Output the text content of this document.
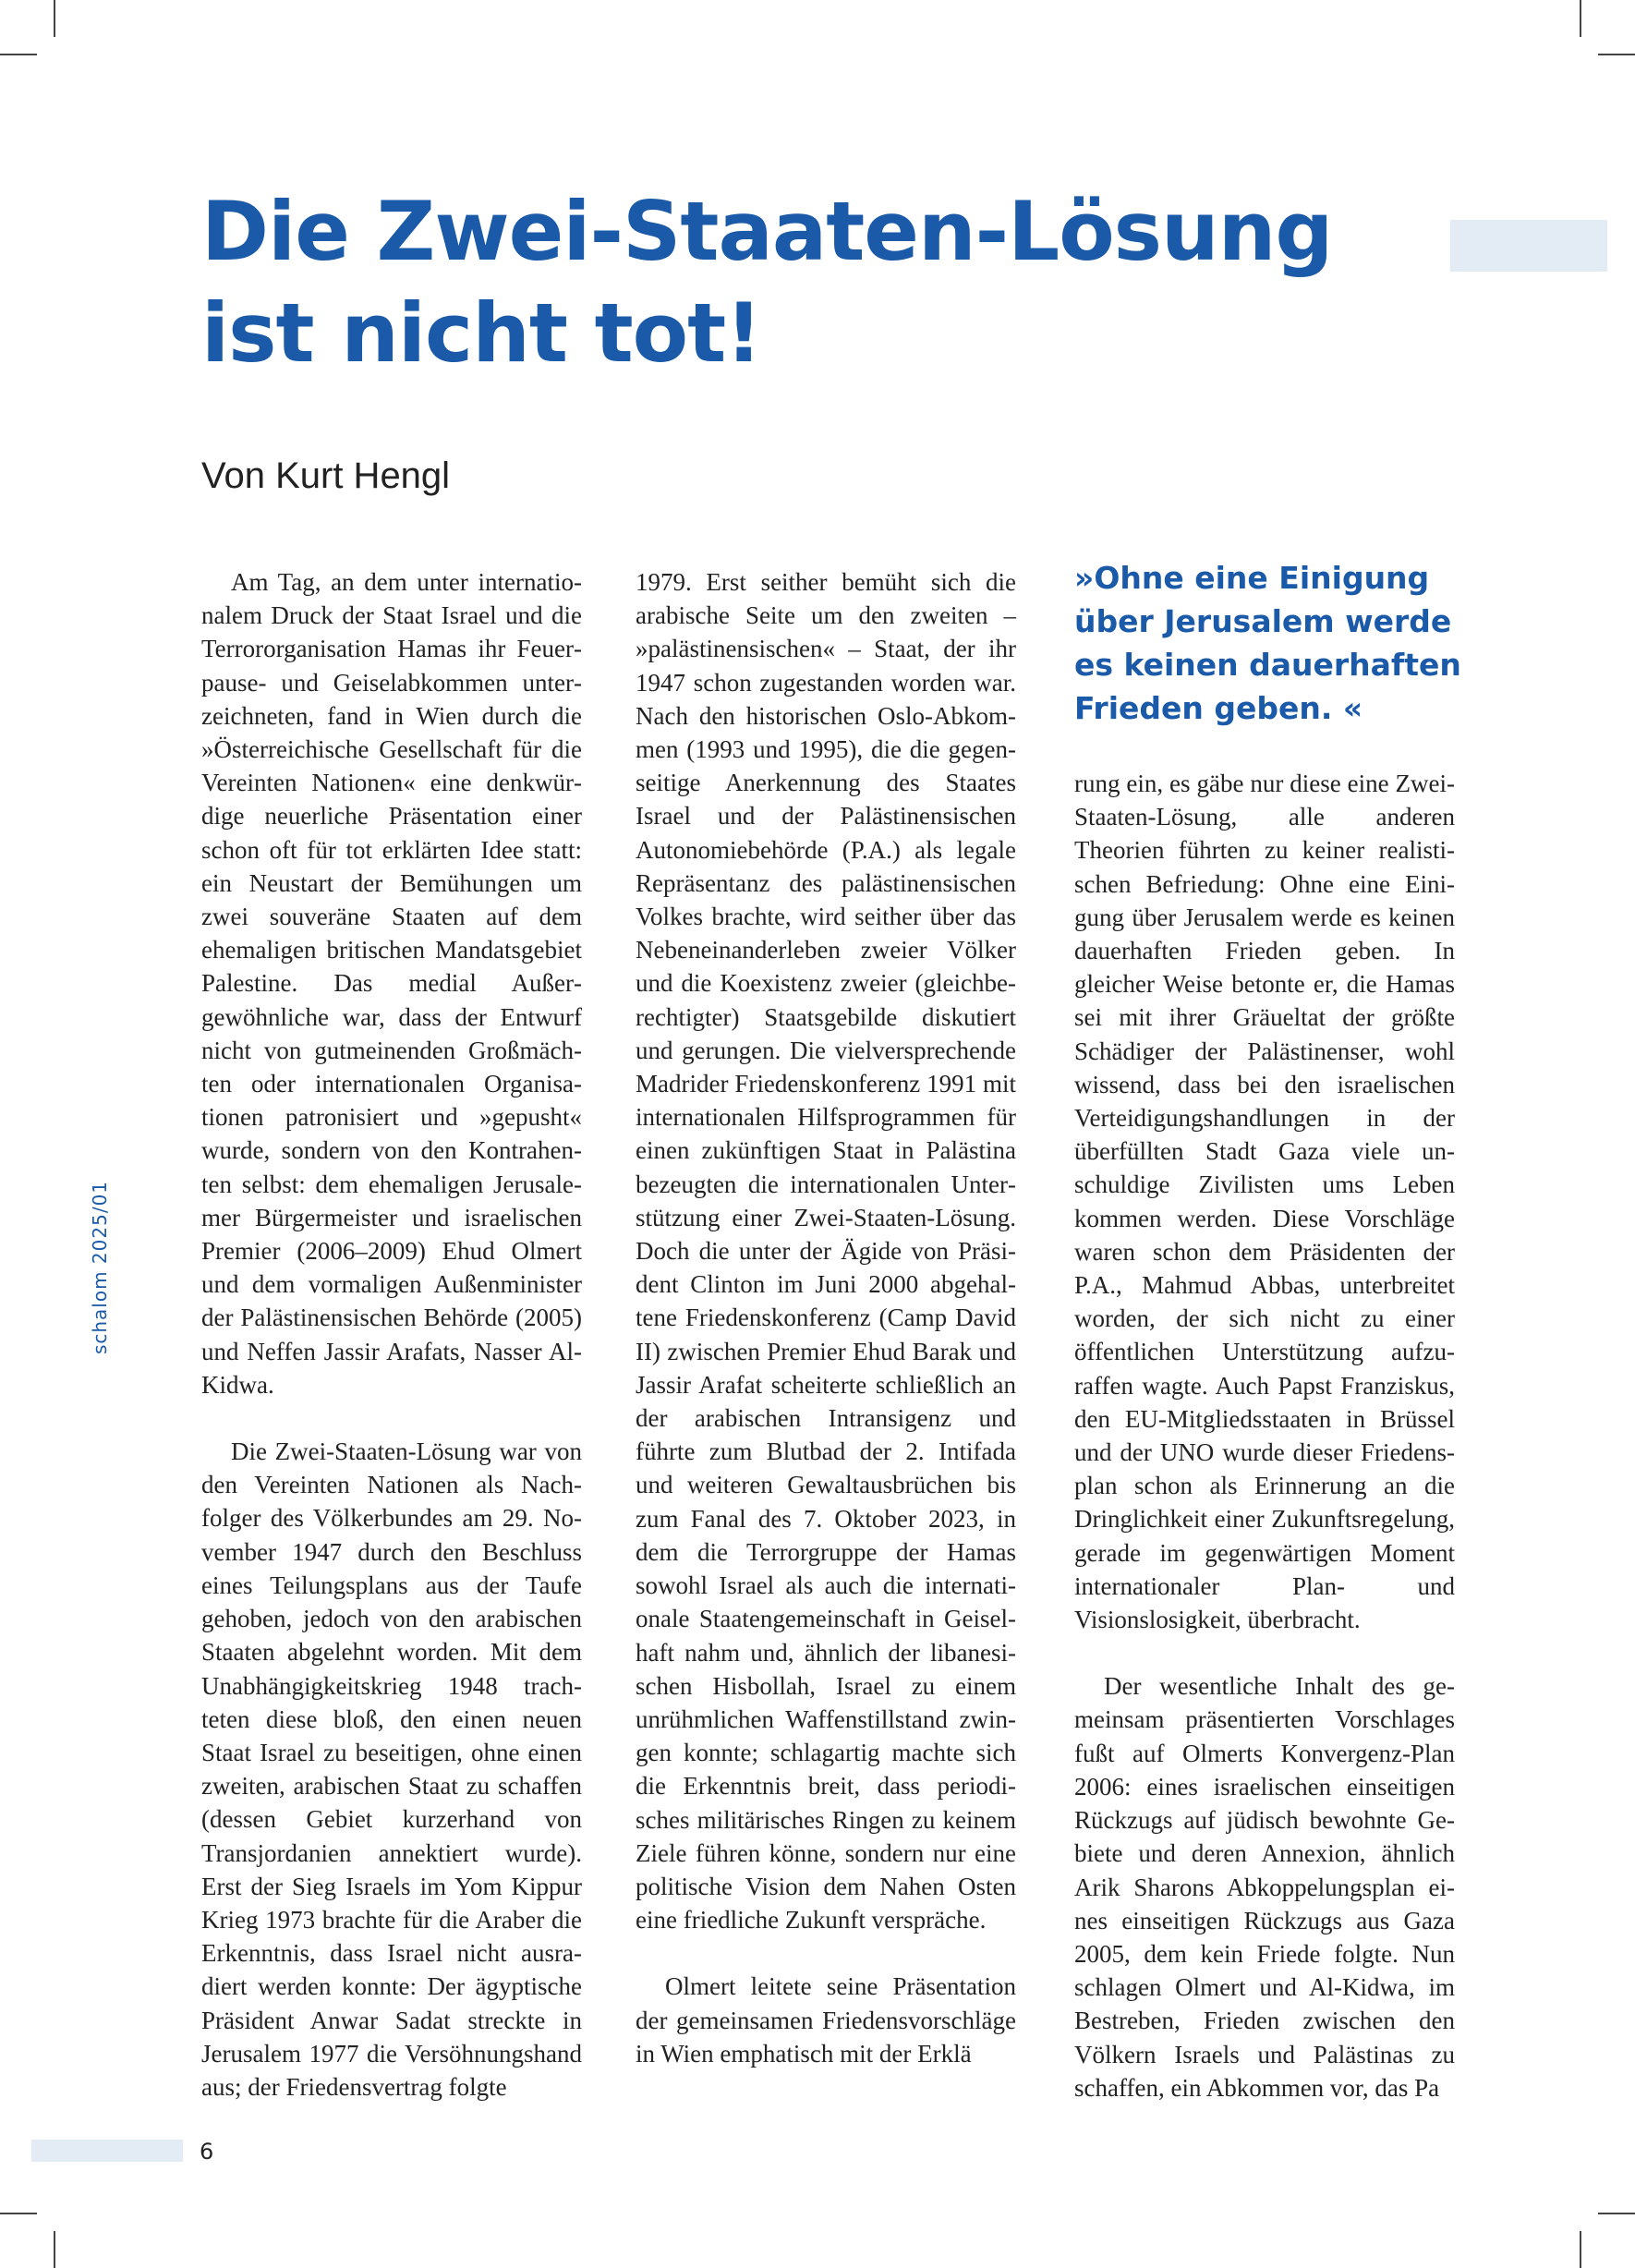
Die Zwei-Staaten-Lösung
ist nicht tot!
Von Kurt Hengl
schalom 2025/01

Am Tag, an dem unter internationalem Druck der Staat Israel und die Terrororganisation Hamas ihr Feuerpause- und Geiselabkommen unterzeichneten, fand in Wien durch die »Österreichische Gesellschaft für die Vereinten Nationen« eine denkwürdige neuerliche Präsentation einer schon oft für tot erklärten Idee statt: ein Neustart der Bemühungen um zwei souveräne Staaten auf dem ehemaligen britischen Mandatsgebiet Palestine. Das medial Außergewöhnliche war, dass der Entwurf nicht von gutmeinenden Großmächten oder internationalen Organisationen patronisiert und »gepusht« wurde, sondern von den Kontrahenten selbst: dem ehemaligen Jerusalemer Bürgermeister und israelischen Premier (2006–2009) Ehud Olmert und dem vormaligen Außenminister der Palästinensischen Behörde (2005) und Neffen Jassir Arafats, Nasser Al-Kidwa.

Die Zwei-Staaten-Lösung war von den Vereinten Nationen als Nachfolger des Völkerbundes am 29. November 1947 durch den Beschluss eines Teilungsplans aus der Taufe gehoben, jedoch von den arabischen Staaten abgelehnt worden. Mit dem Unabhängigkeitskrieg 1948 trachteten diese bloß, den einen neuen Staat Israel zu beseitigen, ohne einen zweiten, arabischen Staat zu schaffen (dessen Gebiet kurzerhand von Transjordanien annektiert wurde). Erst der Sieg Israels im Yom Kippur Krieg 1973 brachte für die Araber die Erkenntnis, dass Israel nicht ausradiert werden konnte: Der ägyptische Präsident Anwar Sadat streckte in Jerusalem 1977 die Versöhnungshand aus; der Friedensvertrag folgte

1979. Erst seither bemüht sich die arabische Seite um den zweiten – »palästinensischen« – Staat, der ihr 1947 schon zugestanden worden war. Nach den historischen Oslo-Abkommen (1993 und 1995), die die gegenseitige Anerkennung des Staates Israel und der Palästinensischen Autonomiebehörde (P.A.) als legale Repräsentanz des palästinensischen Volkes brachte, wird seither über das Nebeneinanderleben zweier Völker und die Koexistenz zweier (gleichberechtigter) Staatsgebilde diskutiert und gerungen. Die vielversprechende Madrider Friedenskonferenz 1991 mit internationalen Hilfsprogrammen für einen zukünftigen Staat in Palästina bezeugten die internationalen Unterstützung einer Zwei-Staaten-Lösung. Doch die unter der Ägide von Präsident Clinton im Juni 2000 abgehaltene Friedenskonferenz (Camp David II) zwischen Premier Ehud Barak und Jassir Arafat scheiterte schließlich an der arabischen Intransigenz und führte zum Blutbad der 2. Intifada und weiteren Gewaltausbrüchen bis zum Fanal des 7. Oktober 2023, in dem die Terrorgruppe der Hamas sowohl Israel als auch die internationale Staatengemeinschaft in Geiselhaft nahm und, ähnlich der libanesischen Hisbollah, Israel zu einem unrühmlichen Waffenstillstand zwingen konnte; schlagartig machte sich die Erkenntnis breit, dass periodisches militärisches Ringen zu keinem Ziele führen könne, sondern nur eine politische Vision dem Nahen Osten eine friedliche Zukunft verspräche.

Olmert leitete seine Präsentation der gemeinsamen Friedensvorschläge in Wien emphatisch mit der Erklä

»Ohne eine Einigung
über Jerusalem werde
es keinen dauerhaften
Frieden geben. «

rung ein, es gäbe nur diese eine Zwei-Staaten-Lösung, alle anderen Theorien führten zu keiner realistischen Befriedung: Ohne eine Einigung über Jerusalem werde es keinen dauerhaften Frieden geben. In gleicher Weise betonte er, die Hamas sei mit ihrer Gräueltat der größte Schädiger der Palästinenser, wohl wissend, dass bei den israelischen Verteidigungshandlungen in der überfüllten Stadt Gaza viele unschuldige Zivilisten ums Leben kommen werden. Diese Vorschläge waren schon dem Präsidenten der P.A., Mahmud Abbas, unterbreitet worden, der sich nicht zu einer öffentlichen Unterstützung aufzuraffen wagte. Auch Papst Franziskus, den EU-Mitgliedsstaaten in Brüssel und der UNO wurde dieser Friedensplan schon als Erinnerung an die Dringlichkeit einer Zukunftsregelung, gerade im gegenwärtigen Moment internationaler Plan- und Visionslosigkeit, überbracht.

Der wesentliche Inhalt des gemeinsam präsentierten Vorschlages fußt auf Olmerts Konvergenz-Plan 2006: eines israelischen einseitigen Rückzugs auf jüdisch bewohnte Gebiete und deren Annexion, ähnlich Arik Sharons Abkoppelungsplan eines einseitigen Rückzugs aus Gaza 2005, dem kein Friede folgte. Nun schlagen Olmert und Al-Kidwa, im Bestreben, Frieden zwischen den Völkern Israels und Palästinas zu schaffen, ein Abkommen vor, das Pa

6
